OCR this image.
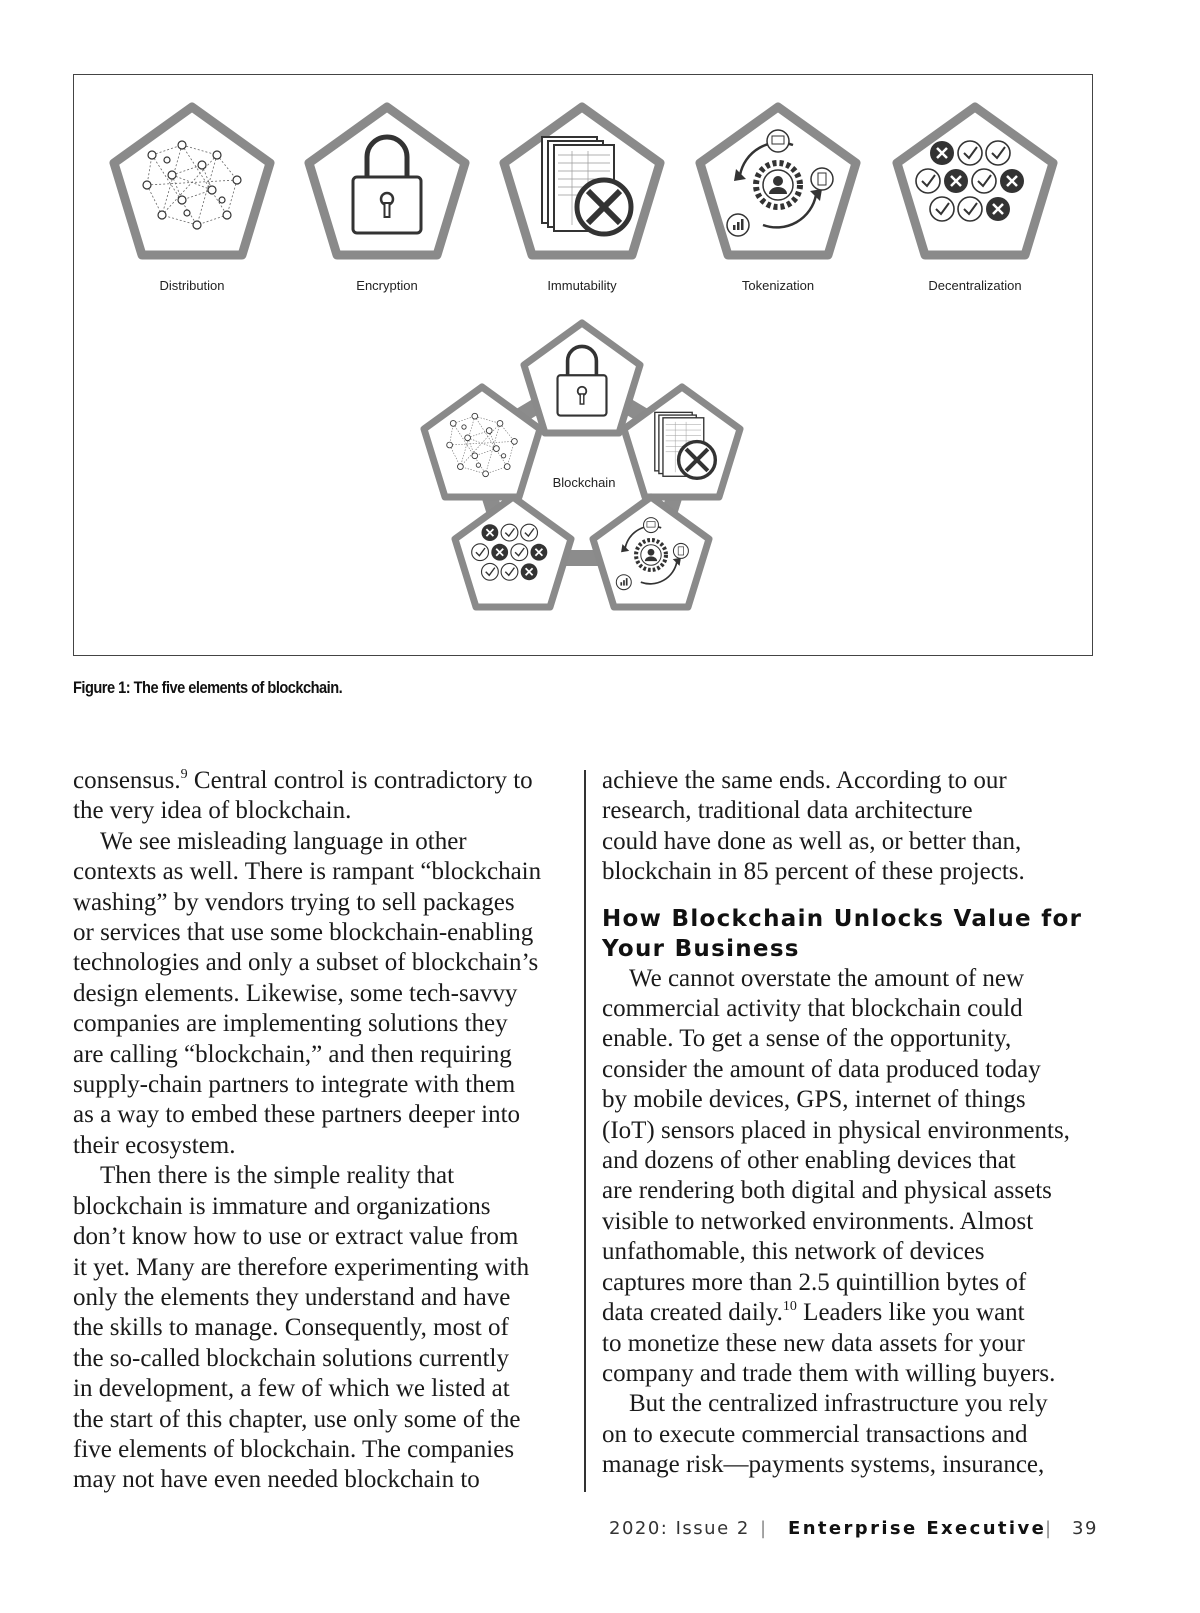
Distribution	Encryption	Immutability	Tokenization	Decentralization
Blockchain
Figure 1: The five elements of blockchain.

consensus.$^9$ Central control is contradictory to
the very idea of blockchain.

We see misleading language in other
contexts as well. There is rampant “blockchain
washing” by vendors trying to sell packages
or services that use some blockchain-enabling
technologies and only a subset of blockchain’s
design elements. Likewise, some tech-savvy
companies are implementing solutions they
are calling “blockchain,” and then requiring
supply-chain partners to integrate with them
as a way to embed these partners deeper into
their ecosystem.

Then there is the simple reality that
blockchain is immature and organizations
don’t know how to use or extract value from
it yet. Many are therefore experimenting with
only the elements they understand and have
the skills to manage. Consequently, most of
the so-called blockchain solutions currently
in development, a few of which we listed at
the start of this chapter, use only some of the
five elements of blockchain. The companies
may not have even needed blockchain to

achieve the same ends. According to our
research, traditional data architecture
could have done as well as, or better than,
blockchain in 85 percent of these projects.

How Blockchain Unlocks Value for
Your Business

We cannot overstate the amount of new
commercial activity that blockchain could
enable. To get a sense of the opportunity,
consider the amount of data produced today
by mobile devices, GPS, internet of things
(IoT) sensors placed in physical environments,
and dozens of other enabling devices that
are rendering both digital and physical assets
visible to networked environments. Almost
unfathomable, this network of devices
captures more than 2.5 quintillion bytes of
data created daily.$^{10}$ Leaders like you want
to monetize these new data assets for your
company and trade them with willing buyers.

But the centralized infrastructure you rely
on to execute commercial transactions and
manage risk—payments systems, insurance,

2020: Issue 2 | Enterprise Executive
| 39
